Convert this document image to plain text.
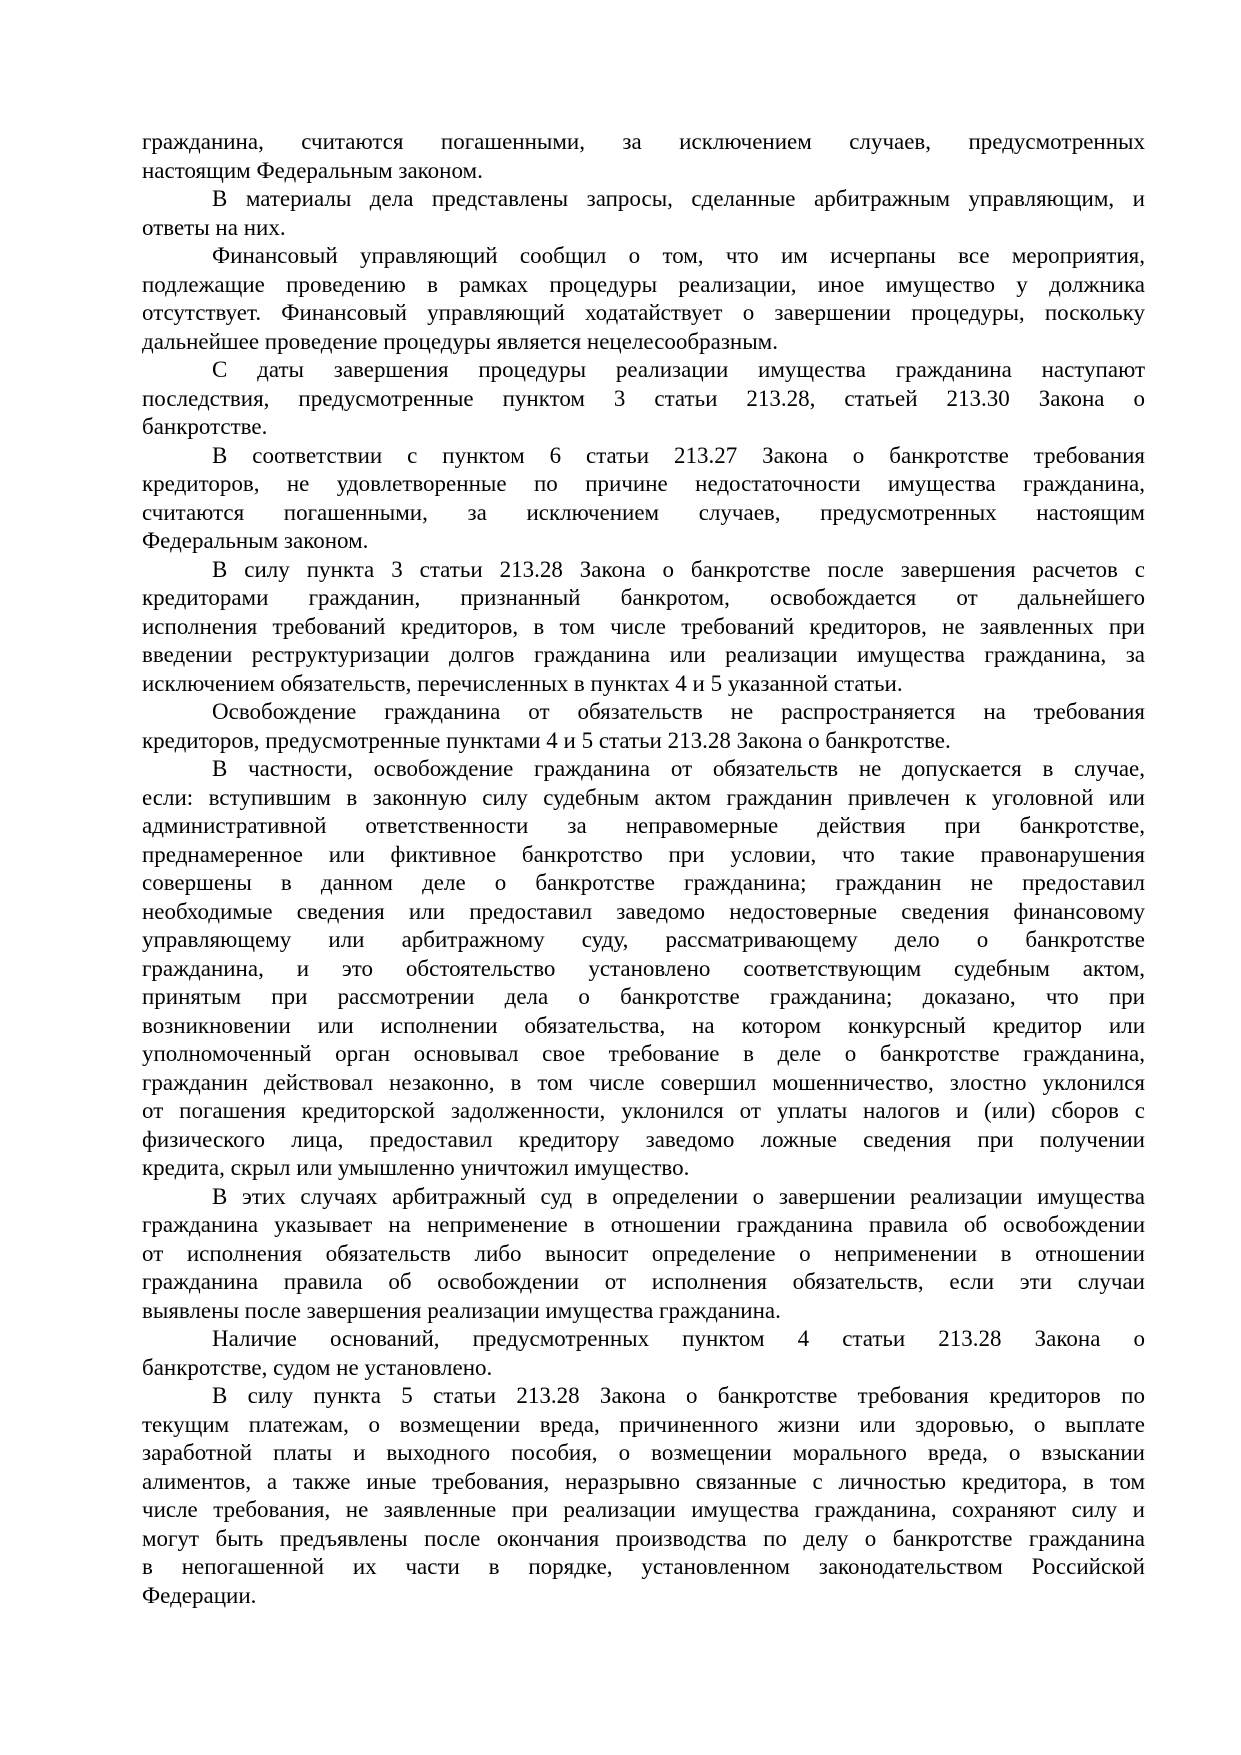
гражданина, считаются погашенными, за исключением случаев, предусмотренных
настоящим Федеральным законом.

В материалы дела представлены запросы, сделанные арбитражным управляющим, и
ответы на них.

Финансовый управляющий сообщил о том, что им исчерпаны все мероприятия,
подлежащие проведению в рамках процедуры реализации, иное имущество у должника
отсутствует. Финансовый управляющий ходатайствует о завершении процедуры, поскольку
дальнейшее проведение процедуры является нецелесообразным.

С даты завершения процедуры реализации имущества гражданина наступают
последствия, предусмотренные пунктом 3 статьи 213.28, статьей 213.30 Закона о
банкротстве.

В соответствии с пунктом 6 статьи 213.27 Закона о банкротстве требования
кредиторов, не удовлетворенные по причине недостаточности имущества гражданина,
считаются погашенными, за исключением случаев, предусмотренных настоящим
Федеральным законом.

В силу пункта 3 статьи 213.28 Закона о банкротстве после завершения расчетов с
кредиторами гражданин, признанный банкротом, освобождается от дальнейшего
исполнения требований кредиторов, в том числе требований кредиторов, не заявленных при
введении реструктуризации долгов гражданина или реализации имущества гражданина, за
исключением обязательств, перечисленных в пунктах 4 и 5 указанной статьи.

Освобождение гражданина от обязательств не распространяется на требования
кредиторов, предусмотренные пунктами 4 и 5 статьи 213.28 Закона о банкротстве.

В частности, освобождение гражданина от обязательств не допускается в случае,
если: вступившим в законную силу судебным актом гражданин привлечен к уголовной или
административной ответственности за неправомерные действия при банкротстве,
преднамеренное или фиктивное банкротство при условии, что такие правонарушения
совершены в данном деле о банкротстве гражданина; гражданин не предоставил
необходимые сведения или предоставил заведомо недостоверные сведения финансовому
управляющему или арбитражному суду, рассматривающему дело о банкротстве
гражданина, и это обстоятельство установлено соответствующим судебным актом,
принятым при рассмотрении дела о банкротстве гражданина; доказано, что при
возникновении или исполнении обязательства, на котором конкурсный кредитор или
уполномоченный орган основывал свое требование в деле о банкротстве гражданина,
гражданин действовал незаконно, в том числе совершил мошенничество, злостно уклонился
от погашения кредиторской задолженности, уклонился от уплаты налогов и (или) сборов с
физического лица, предоставил кредитору заведомо ложные сведения при получении
кредита, скрыл или умышленно уничтожил имущество.

В этих случаях арбитражный суд в определении о завершении реализации имущества
гражданина указывает на неприменение в отношении гражданина правила об освобождении
от исполнения обязательств либо выносит определение о неприменении в отношении
гражданина правила об освобождении от исполнения обязательств, если эти случаи
выявлены после завершения реализации имущества гражданина.

Наличие оснований, предусмотренных пунктом 4 статьи 213.28 Закона о
банкротстве, судом не установлено.

В силу пункта 5 статьи 213.28 Закона о банкротстве требования кредиторов по
текущим платежам, о возмещении вреда, причиненного жизни или здоровью, о выплате
заработной платы и выходного пособия, о возмещении морального вреда, о взыскании
алиментов, а также иные требования, неразрывно связанные с личностью кредитора, в том
числе требования, не заявленные при реализации имущества гражданина, сохраняют силу и
могут быть предъявлены после окончания производства по делу о банкротстве гражданина
в непогашенной их части в порядке, установленном законодательством Российской
Федерации.
